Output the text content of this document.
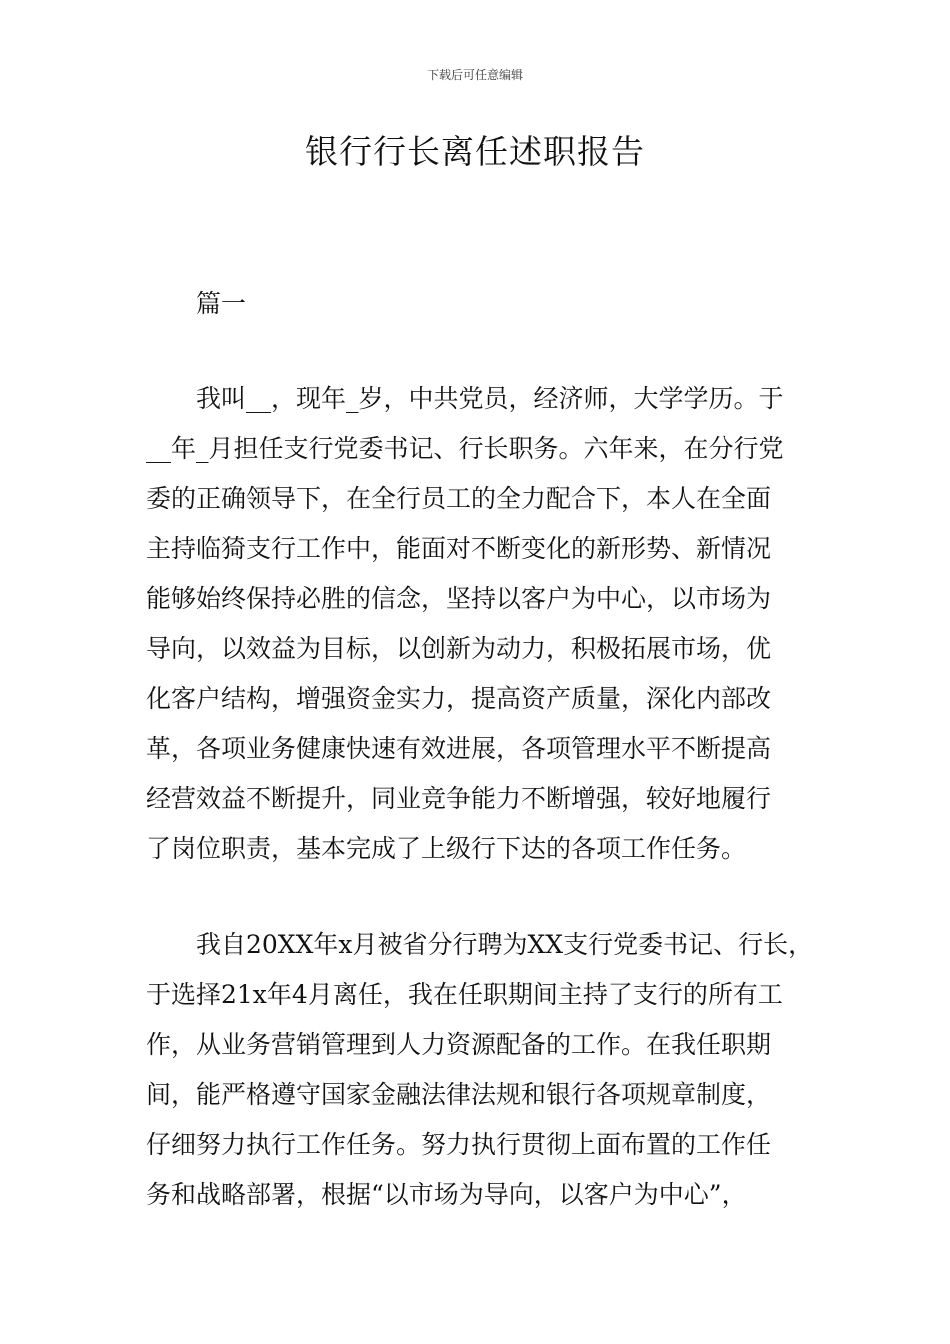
下载后可任意编辑
银行行长离任述职报告
篇一
我叫__，现年_岁，中共党员，经济师，大学学历。于
__年_月担任支行党委书记、行长职务。六年来，在分行党
委的正确领导下，在全行员工的全力配合下，本人在全面
主持临猗支行工作中，能面对不断变化的新形势、新情况
能够始终保持必胜的信念，坚持以客户为中心，以市场为
导向，以效益为目标，以创新为动力，积极拓展市场，优
化客户结构，增强资金实力，提高资产质量，深化内部改
革，各项业务健康快速有效进展，各项管理水平不断提高
经营效益不断提升，同业竞争能力不断增强，较好地履行
了岗位职责，基本完成了上级行下达的各项工作任务。
我自20XX年x月被省分行聘为XX支行党委书记、行长，
于选择21x年4月离任，我在任职期间主持了支行的所有工
作，从业务营销管理到人力资源配备的工作。在我任职期
间，能严格遵守国家金融法律法规和银行各项规章制度，
仔细努力执行工作任务。努力执行贯彻上面布置的工作任
务和战略部署，根据“以市场为导向，以客户为中心”，
